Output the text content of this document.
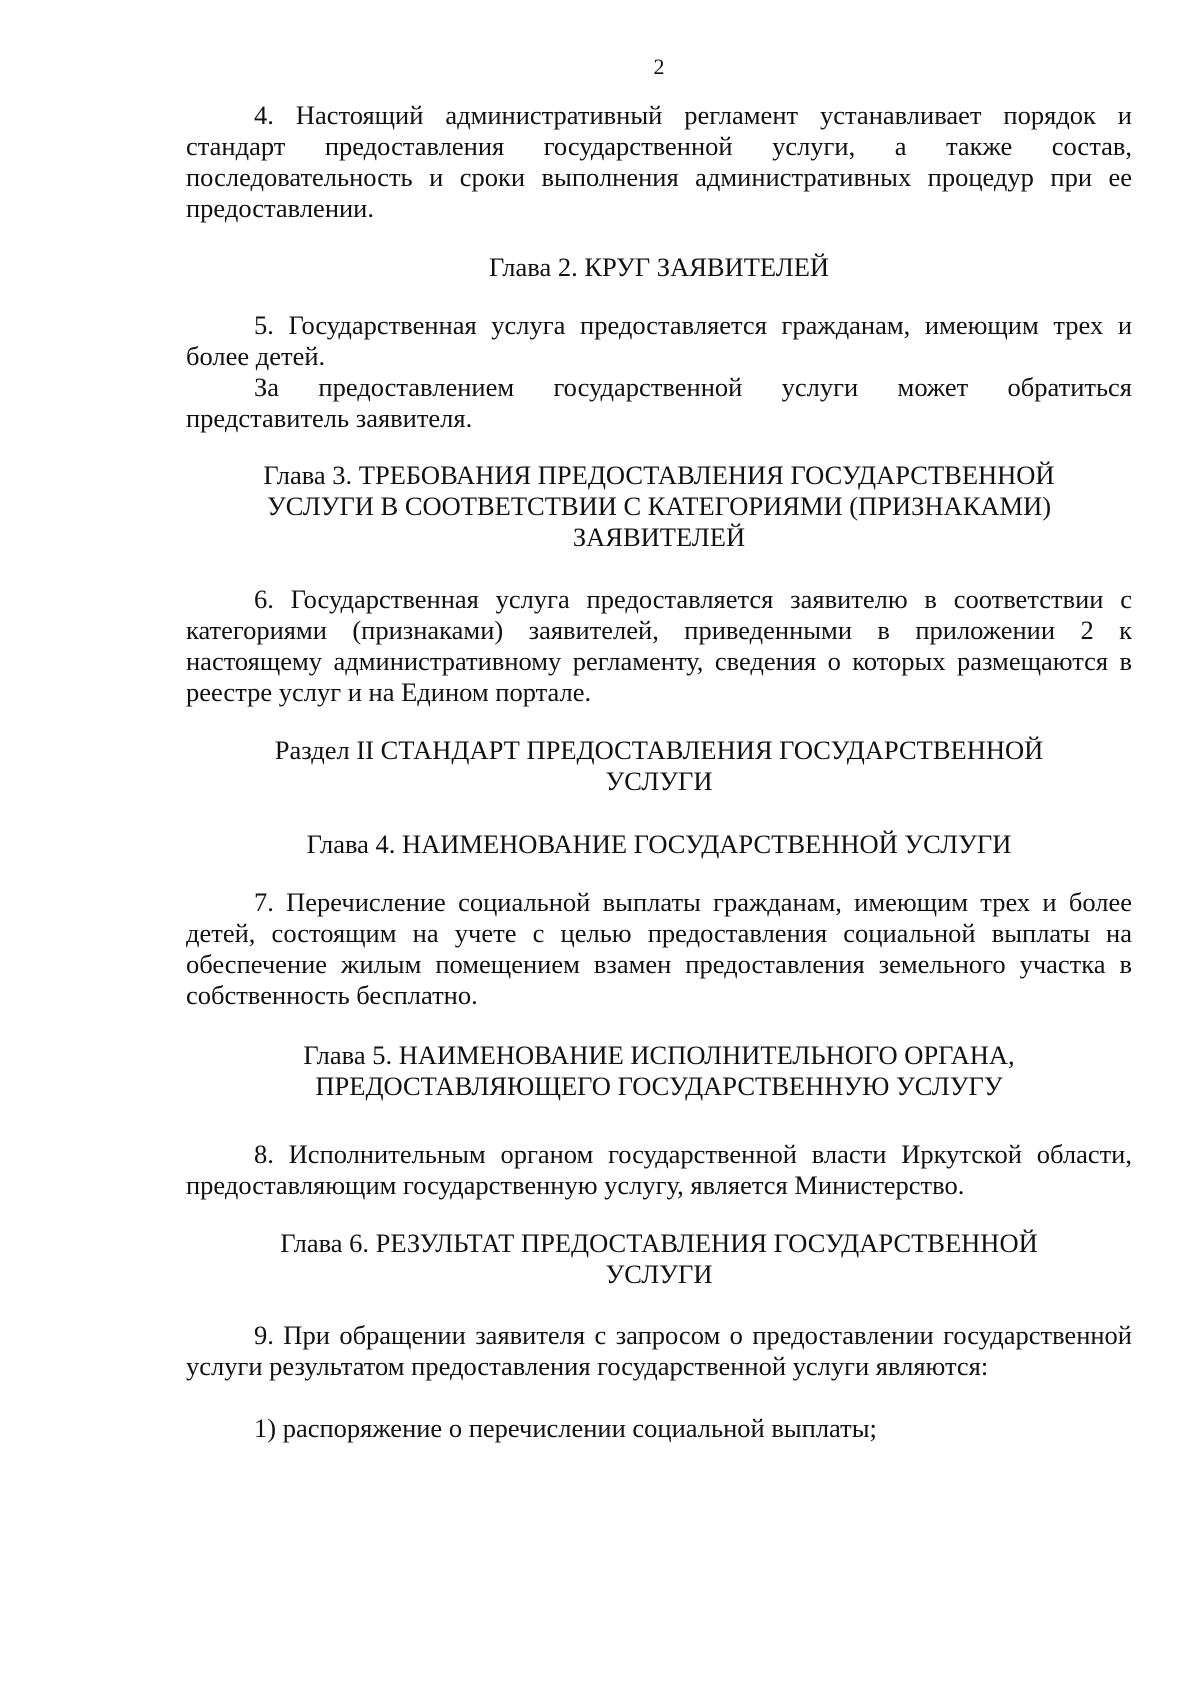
2

4. Настоящий административный регламент устанавливает порядок и стандарт предоставления государственной услуги, а также состав, последовательность и сроки выполнения административных процедур при ее предоставлении.

Глава 2. КРУГ ЗАЯВИТЕЛЕЙ

5. Государственная услуга предоставляется гражданам, имеющим трех и более детей.

За предоставлением государственной услуги может обратиться представитель заявителя.

Глава 3. ТРЕБОВАНИЯ ПРЕДОСТАВЛЕНИЯ ГОСУДАРСТВЕННОЙ

УСЛУГИ В СООТВЕТСТВИИ С КАТЕГОРИЯМИ (ПРИЗНАКАМИ)

ЗАЯВИТЕЛЕЙ

6. Государственная услуга предоставляется заявителю в соответствии с категориями (признаками) заявителей, приведенными в приложении 2 к настоящему административному регламенту, сведения о которых размещаются в реестре услуг и на Едином портале.

Раздел II СТАНДАРТ ПРЕДОСТАВЛЕНИЯ ГОСУДАРСТВЕННОЙ

УСЛУГИ

Глава 4. НАИМЕНОВАНИЕ ГОСУДАРСТВЕННОЙ УСЛУГИ

7. Перечисление социальной выплаты гражданам, имеющим трех и более детей, состоящим на учете с целью предоставления социальной выплаты на обеспечение жилым помещением взамен предоставления земельного участка в собственность бесплатно.

Глава 5. НАИМЕНОВАНИЕ ИСПОЛНИТЕЛЬНОГО ОРГАНА,

ПРЕДОСТАВЛЯЮЩЕГО ГОСУДАРСТВЕННУЮ УСЛУГУ

8. Исполнительным органом государственной власти Иркутской области, предоставляющим государственную услугу, является Министерство.

Глава 6. РЕЗУЛЬТАТ ПРЕДОСТАВЛЕНИЯ ГОСУДАРСТВЕННОЙ

УСЛУГИ

9. При обращении заявителя с запросом о предоставлении государственной услуги результатом предоставления государственной услуги являются:

1) распоряжение о перечислении социальной выплаты;
